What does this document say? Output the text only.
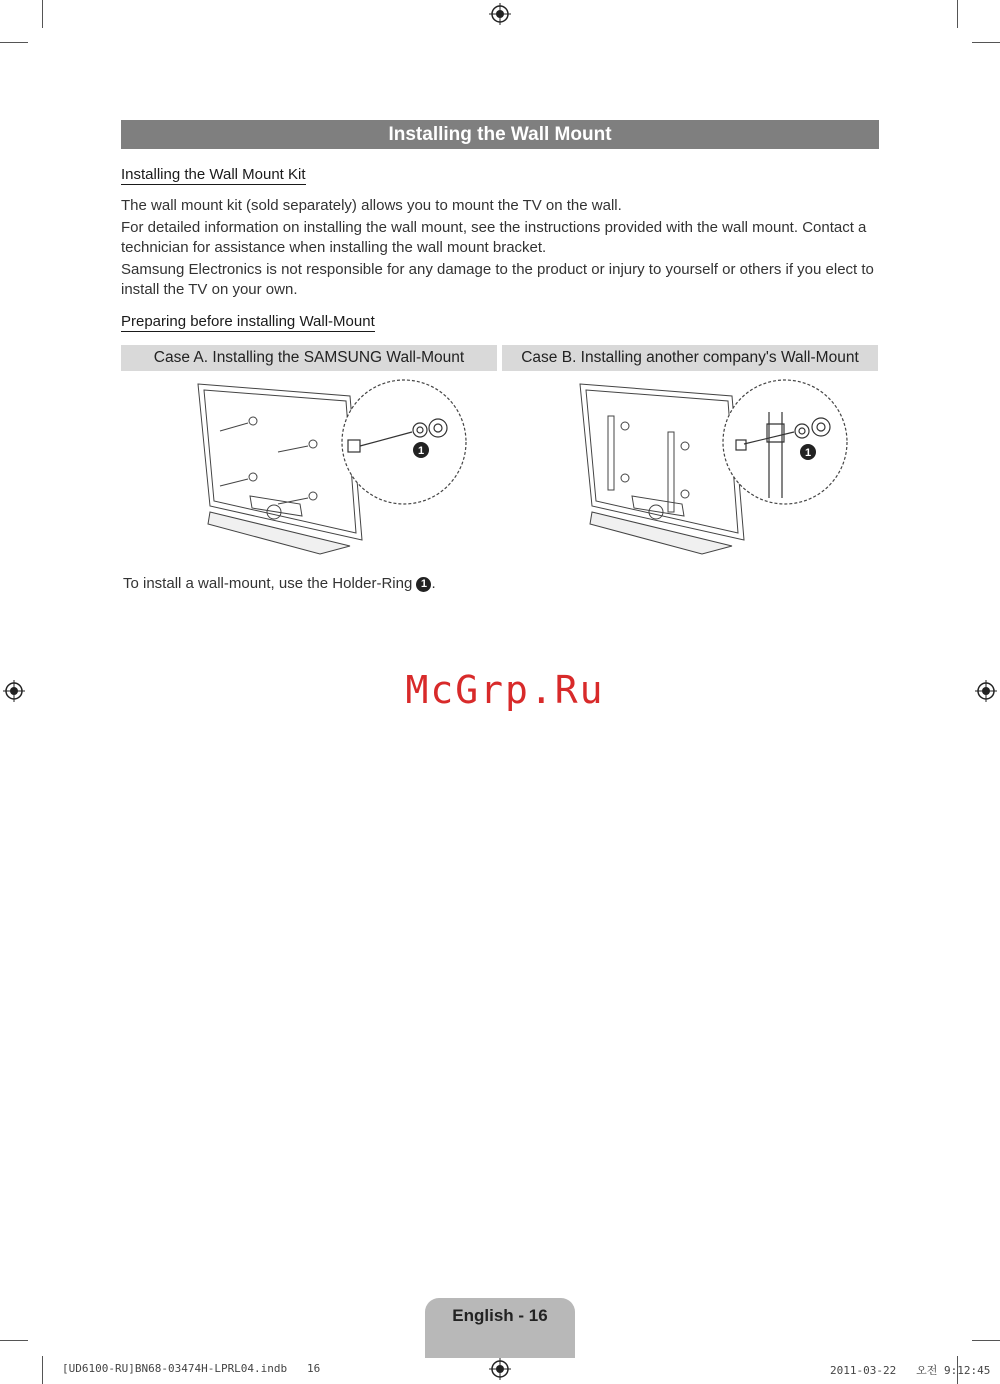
Installing the Wall Mount
Installing the Wall Mount Kit
The wall mount kit (sold separately) allows you to mount the TV on the wall.
For detailed information on installing the wall mount, see the instructions provided with the wall mount. Contact a technician for assistance when installing the wall mount bracket.
Samsung Electronics is not responsible for any damage to the product or injury to yourself or others if you elect to install the TV on your own.
Preparing before installing Wall-Mount
Case A. Installing the SAMSUNG Wall-Mount	Case B. Installing another company's Wall-Mount
1	1
To install a wall-mount, use the Holder-Ring 1 .
McGrp.Ru
English - 16
[UD6100-RU]BN68-03474H-LPRL04.indb   16	2011-03-22   오전 9:12:45
